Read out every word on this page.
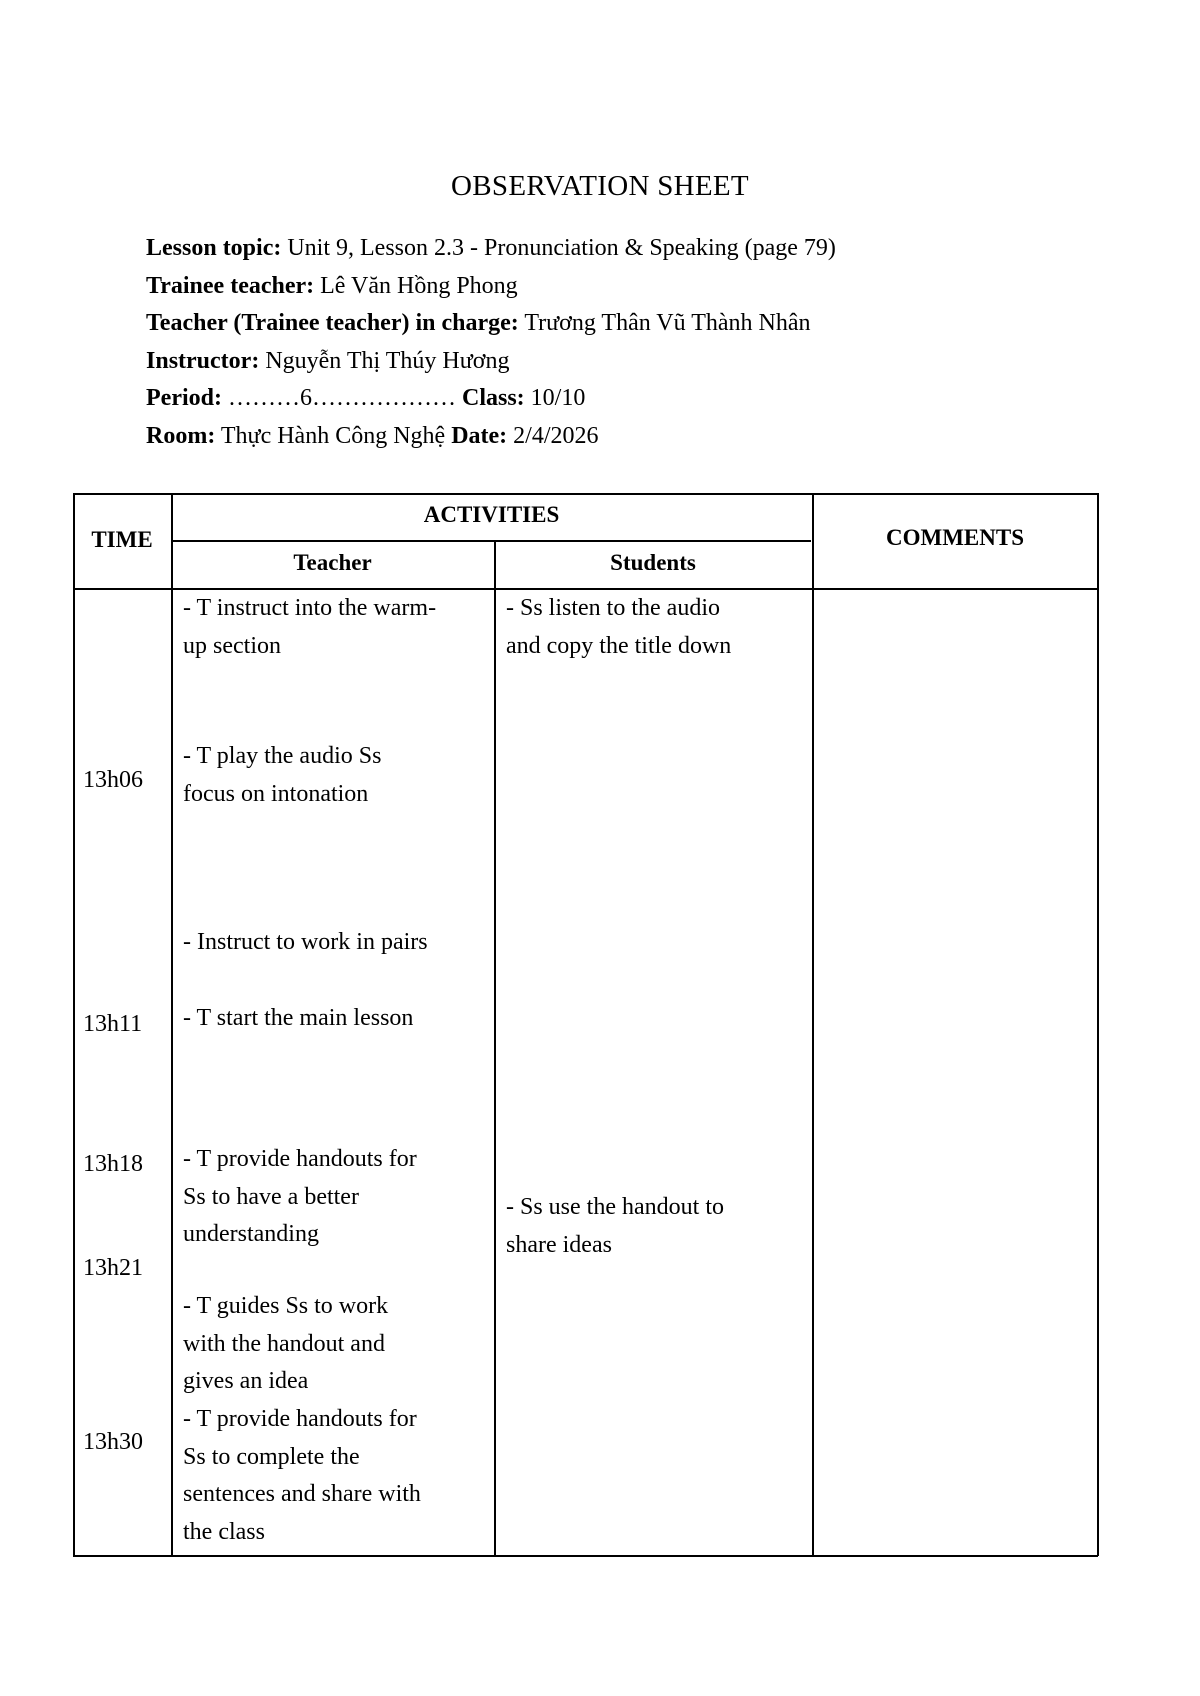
OBSERVATION SHEET
Lesson topic: Unit 9, Lesson 2.3 - Pronunciation & Speaking (page 79)
Trainee teacher: Lê Văn Hồng Phong
Teacher (Trainee teacher) in charge: Trương Thân Vũ Thành Nhân
Instructor: Nguyễn Thị Thúy Hương
Period: ………6……………… Class: 10/10
Room: Thực Hành Công Nghệ Date: 2/4/2026
TIME
ACTIVITIES
Teacher	Students
COMMENTS
13h06
13h11
13h18
13h21
13h30
- T instruct into the warm-
up section
- T play the audio Ss
focus on intonation
- Instruct to work in pairs
- T start the main lesson
- T provide handouts for
Ss to have a better
understanding
- T guides Ss to work
with the handout and
gives an idea
- T provide handouts for
Ss to complete the
sentences and share with
the class
- Ss listen to the audio
and copy the title down
- Ss use the handout to
share ideas
